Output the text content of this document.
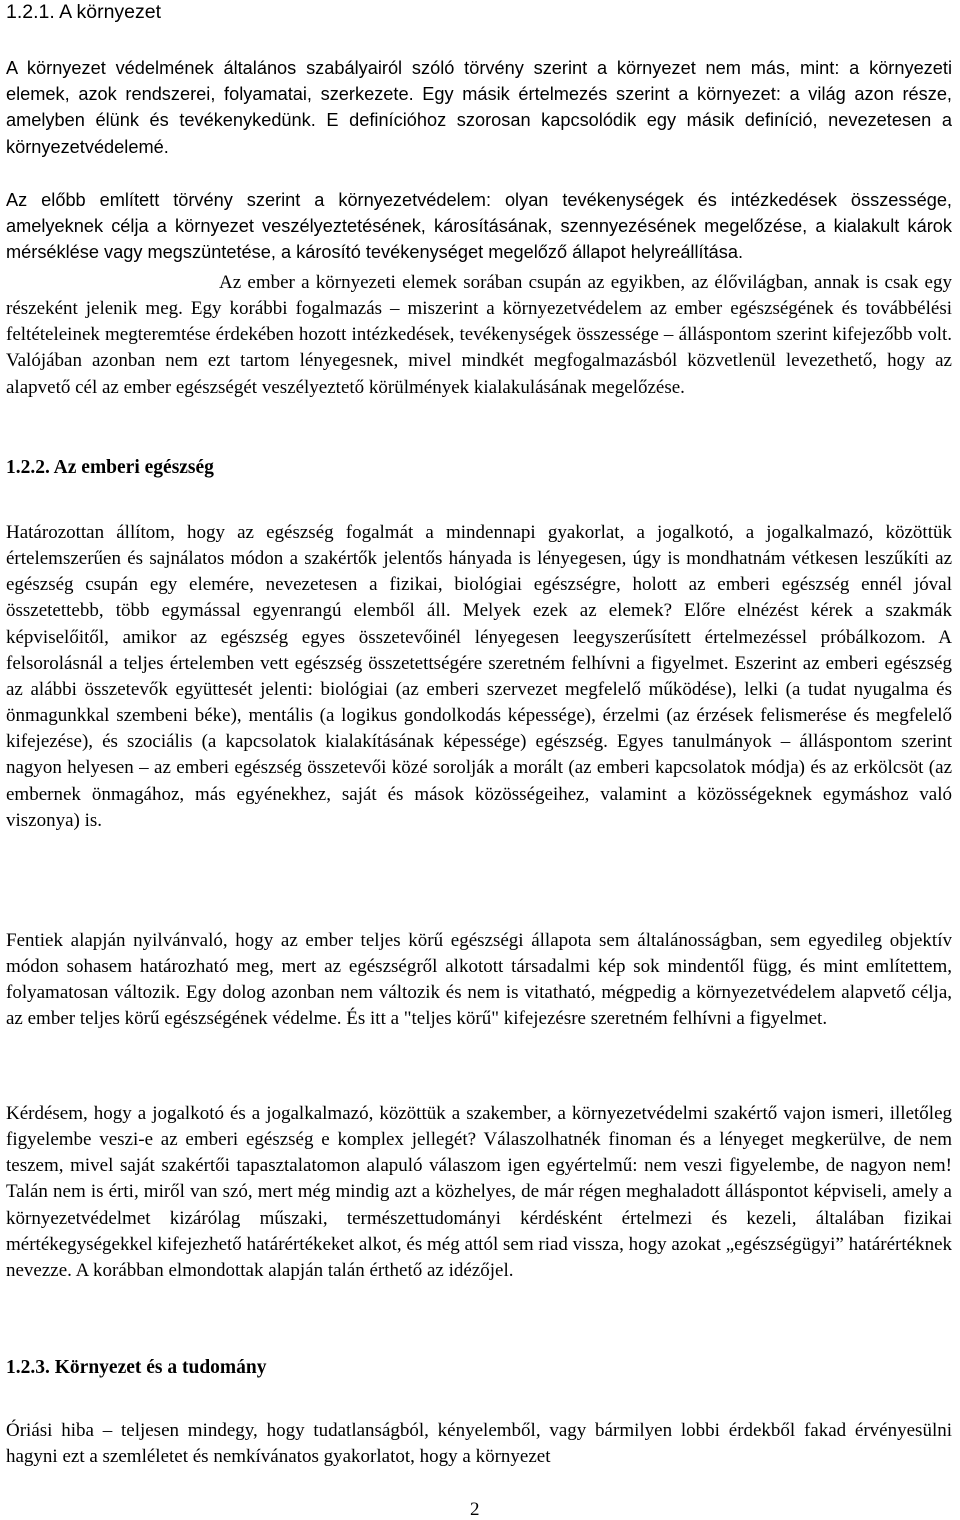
1.2.1. A környezet

A környezet védelmének általános szabályairól szóló törvény szerint a környezet nem más, mint: a környezeti elemek, azok rendszerei, folyamatai, szerkezete. Egy másik értelmezés szerint a környezet: a világ azon része, amelyben élünk és tevékenykedünk. E definícióhoz szorosan kapcsolódik egy másik definíció, nevezetesen a környezetvédelemé.

Az előbb említett törvény szerint a környezetvédelem: olyan tevékenységek és intézkedések összessége, amelyeknek célja a környezet veszélyeztetésének, károsításának, szennyezésének megelőzése, a kialakult károk mérséklése vagy megszüntetése, a károsító tevékenységet megelőző állapot helyreállítása.

Az ember a környezeti elemek sorában csupán az egyikben, az élővilágban, annak is csak egy részeként jelenik meg. Egy korábbi fogalmazás – miszerint a környezetvédelem az ember egészségének és továbbélési feltételeinek megteremtése érdekében hozott intézkedések, tevékenységek összessége – álláspontom szerint kifejezőbb volt. Valójában azonban nem ezt tartom lényegesnek, mivel mindkét megfogalmazásból közvetlenül levezethető, hogy az alapvető cél az ember egészségét veszélyeztető körülmények kialakulásának megelőzése.

1.2.2. Az emberi egészség

Határozottan állítom, hogy az egészség fogalmát a mindennapi gyakorlat, a jogalkotó, a jogalkalmazó, közöttük értelemszerűen és sajnálatos módon a szakértők jelentős hányada is lényegesen, úgy is mondhatnám vétkesen leszűkíti az egészség csupán egy elemére, nevezetesen a fizikai, biológiai egészségre, holott az emberi egészség ennél jóval összetettebb, több egymással egyenrangú elemből áll. Melyek ezek az elemek? Előre elnézést kérek a szakmák képviselőitől, amikor az egészség egyes összetevőinél lényegesen leegyszerűsített értelmezéssel próbálkozom. A felsorolásnál a teljes értelemben vett egészség összetettségére szeretném felhívni a figyelmet. Eszerint az emberi egészség az alábbi összetevők együttesét jelenti: biológiai (az emberi szervezet megfelelő működése), lelki (a tudat nyugalma és önmagunkkal szembeni béke), mentális (a logikus gondolkodás képessége), érzelmi (az érzések felismerése és megfelelő kifejezése), és szociális (a kapcsolatok kialakításának képessége) egészség. Egyes tanulmányok – álláspontom szerint nagyon helyesen – az emberi egészség összetevői közé sorolják a morált (az emberi kapcsolatok módja) és az erkölcsöt (az embernek önmagához, más egyénekhez, saját és mások közösségeihez, valamint a közösségeknek egymáshoz való viszonya) is.

Fentiek alapján nyilvánvaló, hogy az ember teljes körű egészségi állapota sem általánosságban, sem egyedileg objektív módon sohasem határozható meg, mert az egészségről alkotott társadalmi kép sok mindentől függ, és mint említettem, folyamatosan változik. Egy dolog azonban nem változik és nem is vitatható, mégpedig a környezetvédelem alapvető célja, az ember teljes körű egészségének védelme. És itt a "teljes körű" kifejezésre szeretném felhívni a figyelmet.

Kérdésem, hogy a jogalkotó és a jogalkalmazó, közöttük a szakember, a környezetvédelmi szakértő vajon ismeri, illetőleg figyelembe veszi-e az emberi egészség e komplex jellegét? Válaszolhatnék finoman és a lényeget megkerülve, de nem teszem, mivel saját szakértői tapasztalatomon alapuló válaszom igen egyértelmű: nem veszi figyelembe, de nagyon nem! Talán nem is érti, miről van szó, mert még mindig azt a közhelyes, de már régen meghaladott álláspontot képviseli, amely a környezetvédelmet kizárólag műszaki, természettudományi kérdésként értelmezi és kezeli, általában fizikai mértékegységekkel kifejezhető határértékeket alkot, és még attól sem riad vissza, hogy azokat „egészségügyi” határértéknek nevezze. A korábban elmondottak alapján talán érthető az idézőjel.

1.2.3. Környezet és a tudomány

Óriási hiba – teljesen mindegy, hogy tudatlanságból, kényelemből, vagy bármilyen lobbi érdekből fakad érvényesülni hagyni ezt a szemléletet és nemkívánatos gyakorlatot, hogy a környezet

2
